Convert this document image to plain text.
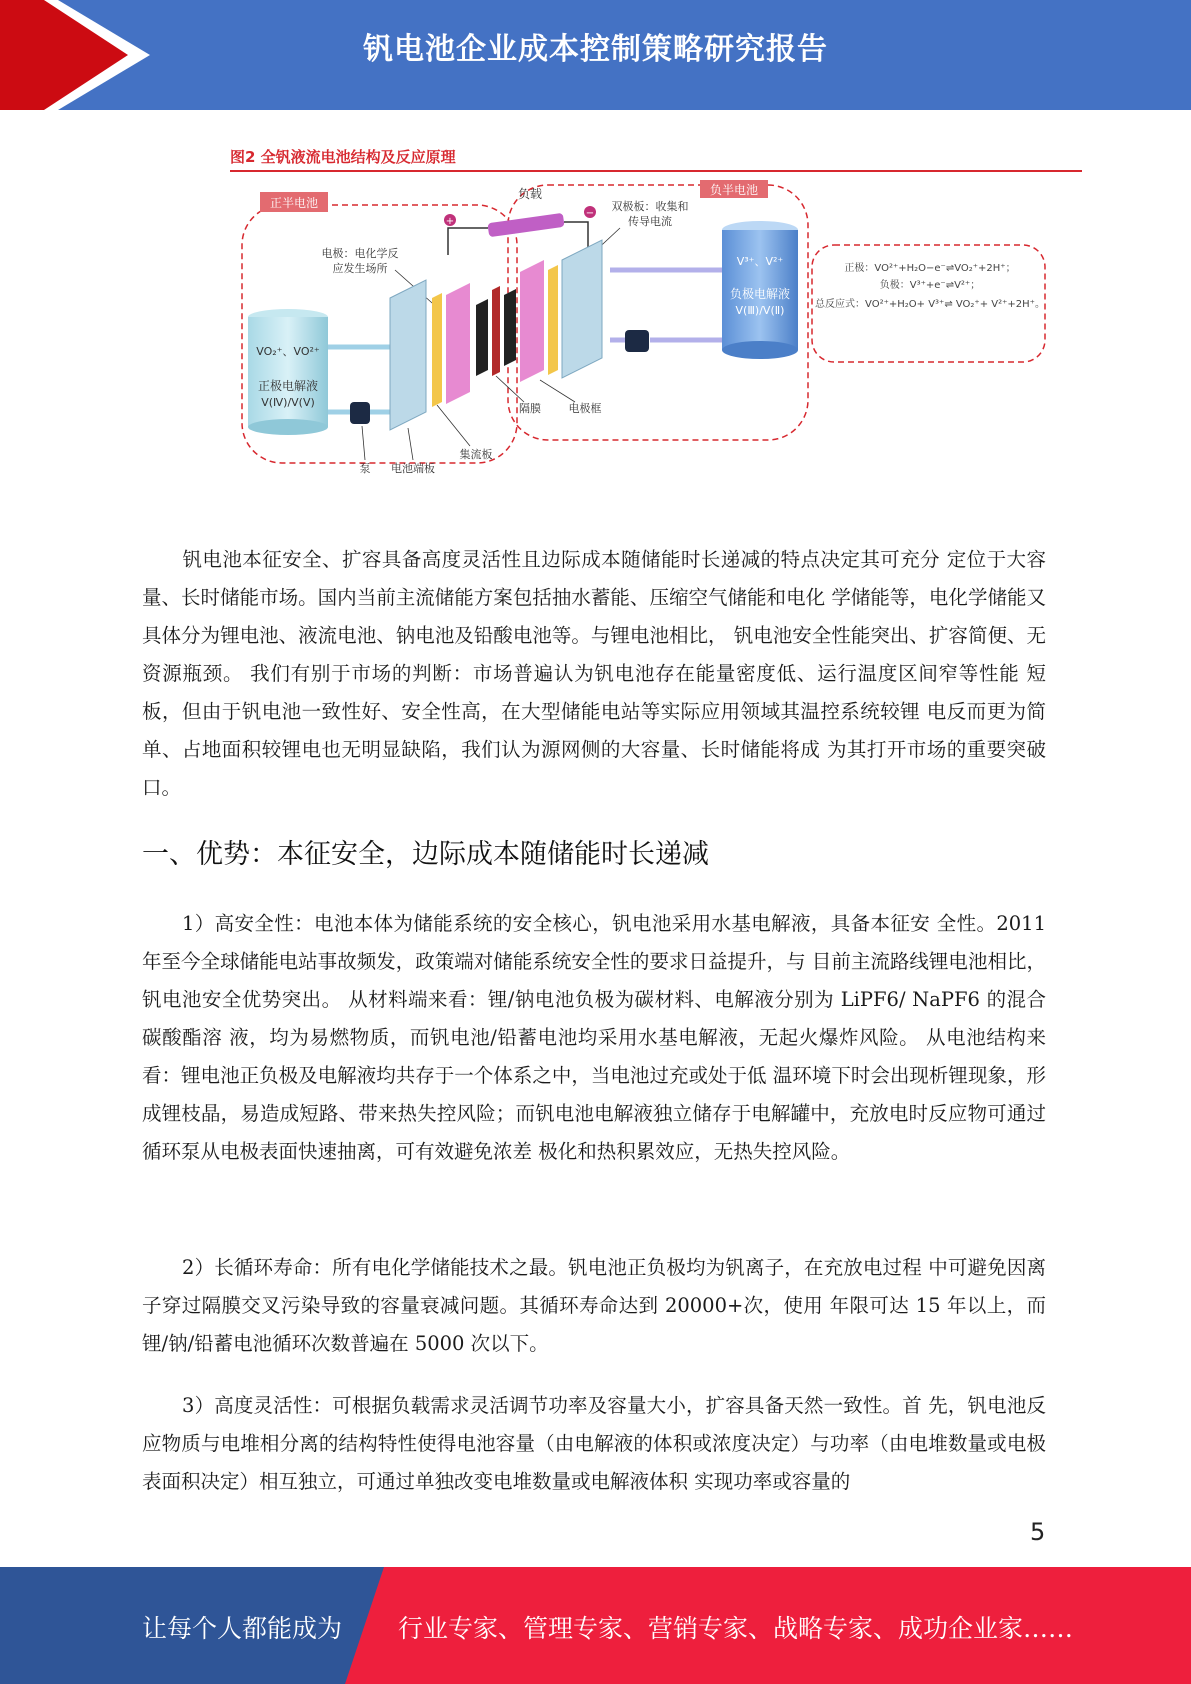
钒电池企业成本控制策略研究报告
图2 全钒液流电池结构及反应原理
正半电池
负半电池
负载
+
−
电极：电化学反
应发生场所
双极板：收集和
传导电流
VO₂⁺、VO²⁺
正极电解液
V(Ⅳ)/V(Ⅴ)
V³⁺、V²⁺
负极电解液
V(Ⅲ)/V(Ⅱ)
泵 电池端板
集流板
隔膜	电极框
正极：VO²⁺+H₂O−e⁻⇌VO₂⁺+2H⁺；
负极：V³⁺+e⁻⇌V²⁺；
总反应式：VO²⁺+H₂O+ V³⁺⇌ VO₂⁺+ V²⁺+2H⁺。

钒电池本征安全、扩容具备高度灵活性且边际成本随储能时长递减的特点决定其可充分 定位于大容量、长时储能市场。国内当前主流储能方案包括抽水蓄能、压缩空气储能和电化 学储能等，电化学储能又具体分为锂电池、液流电池、钠电池及铅酸电池等。与锂电池相比， 钒电池安全性能突出、扩容简便、无资源瓶颈。 我们有别于市场的判断：市场普遍认为钒电池存在能量密度低、运行温度区间窄等性能 短板，但由于钒电池一致性好、安全性高，在大型储能电站等实际应用领域其温控系统较锂 电反而更为简单、占地面积较锂电也无明显缺陷，我们认为源网侧的大容量、长时储能将成 为其打开市场的重要突破口。

一、优势：本征安全，边际成本随储能时长递减

1）高安全性：电池本体为储能系统的安全核心，钒电池采用水基电解液，具备本征安 全性。2011 年至今全球储能电站事故频发，政策端对储能系统安全性的要求日益提升，与 目前主流路线锂电池相比，钒电池安全优势突出。 从材料端来看：锂/钠电池负极为碳材料、电解液分别为 LiPF6/ NaPF6 的混合碳酸酯溶 液，均为易燃物质，而钒电池/铅蓄电池均采用水基电解液，无起火爆炸风险。 从电池结构来看：锂电池正负极及电解液均共存于一个体系之中，当电池过充或处于低 温环境下时会出现析锂现象，形成锂枝晶，易造成短路、带来热失控风险；而钒电池电解液独立储存于电解罐中，充放电时反应物可通过循环泵从电极表面快速抽离，可有效避免浓差 极化和热积累效应，无热失控风险。

2）长循环寿命：所有电化学储能技术之最。钒电池正负极均为钒离子，在充放电过程 中可避免因离子穿过隔膜交叉污染导致的容量衰减问题。其循环寿命达到 20000+次，使用 年限可达 15 年以上，而锂/钠/铅蓄电池循环次数普遍在 5000 次以下。

3）高度灵活性：可根据负载需求灵活调节功率及容量大小，扩容具备天然一致性。首 先，钒电池反应物质与电堆相分离的结构特性使得电池容量（由电解液的体积或浓度决定）与功率（由电堆数量或电极表面积决定）相互独立，可通过单独改变电堆数量或电解液体积 实现功率或容量的

5
让每个人都能成为 行业专家、管理专家、营销专家、战略专家、成功企业家……
